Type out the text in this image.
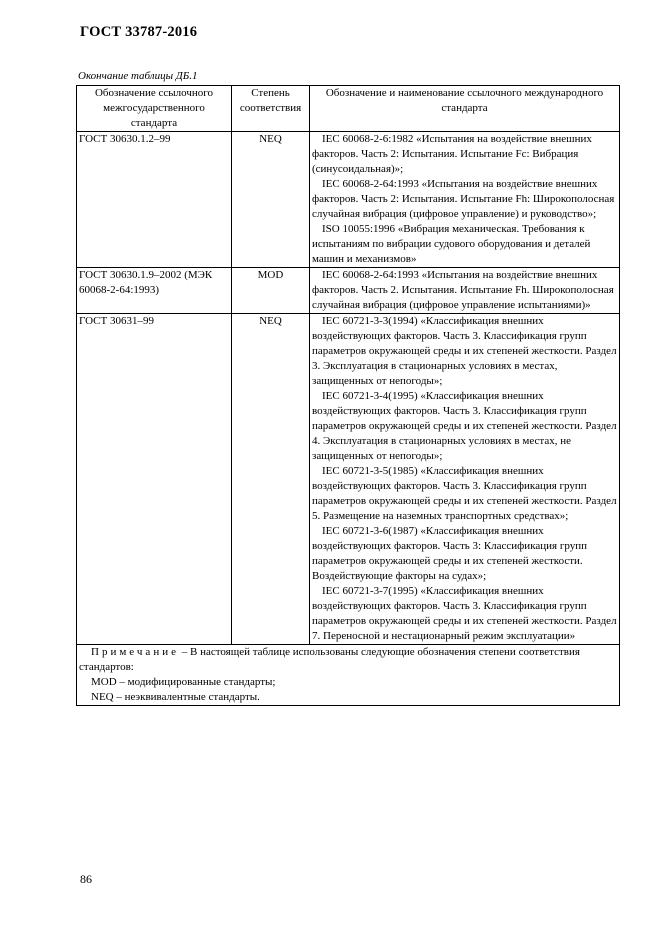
ГОСТ 33787-2016
Окончание таблицы ДБ.1
Обозначение ссылочного межгосударственного стандарта	Степень соответствия	Обозначение и наименование ссылочного международного стандарта
ГОСТ 30630.1.2–99	NEQ	IEC 60068-2-6:1982 «Испытания на воздействие внешних факторов. Часть 2: Испытания. Испытание Fc: Вибрация (синусоидальная)»;
IEC 60068-2-64:1993 «Испытания на воздействие внешних факторов. Часть 2: Испытания. Испытание Fh: Широкополосная случайная вибрация (цифровое управление) и руководство»;
ISO 10055:1996 «Вибрация механическая. Требования к испытаниям по вибрации судового оборудования и деталей машин и механизмов»

ГОСТ 30630.1.9–2002 (МЭК 60068-2-64:1993)	MOD	IEC 60068-2-64:1993 «Испытания на воздействие внешних факторов. Часть 2. Испытания. Испытание Fh. Широкополосная случайная вибрация (цифровое управление испытаниями)»

ГОСТ 30631–99	NEQ	IEC 60721-3-3(1994) «Классификация внешних воздействующих факторов. Часть 3. Классификация групп параметров окружающей среды и их степеней жесткости. Раздел 3. Эксплуатация в стационарных условиях в местах, защищенных от непогоды»;
IEC 60721-3-4(1995) «Классификация внешних воздействующих факторов. Часть 3. Классификация групп параметров окружающей среды и их степеней жесткости. Раздел 4. Эксплуатация в стационарных условиях в местах, не защищенных от непогоды»;
IEC 60721-3-5(1985) «Классификация внешних воздействующих факторов. Часть 3. Классификация групп параметров окружающей среды и их степеней жесткости. Раздел 5. Размещение на наземных транспортных средствах»;
IEC 60721-3-6(1987) «Классификация внешних воздействующих факторов. Часть 3: Классификация групп параметров окружающей среды и их степеней жесткости. Воздействующие факторы на судах»;
IEC 60721-3-7(1995) «Классификация внешних воздействующих факторов. Часть 3. Классификация групп параметров окружающей среды и их степеней жесткости. Раздел 7. Переносной и нестационарный режим эксплуатации»

Примечание – В настоящей таблице использованы следующие обозначения степени соответствия стандартов:
MOD – модифицированные стандарты;
NEQ – неэквивалентные стандарты.		
86
